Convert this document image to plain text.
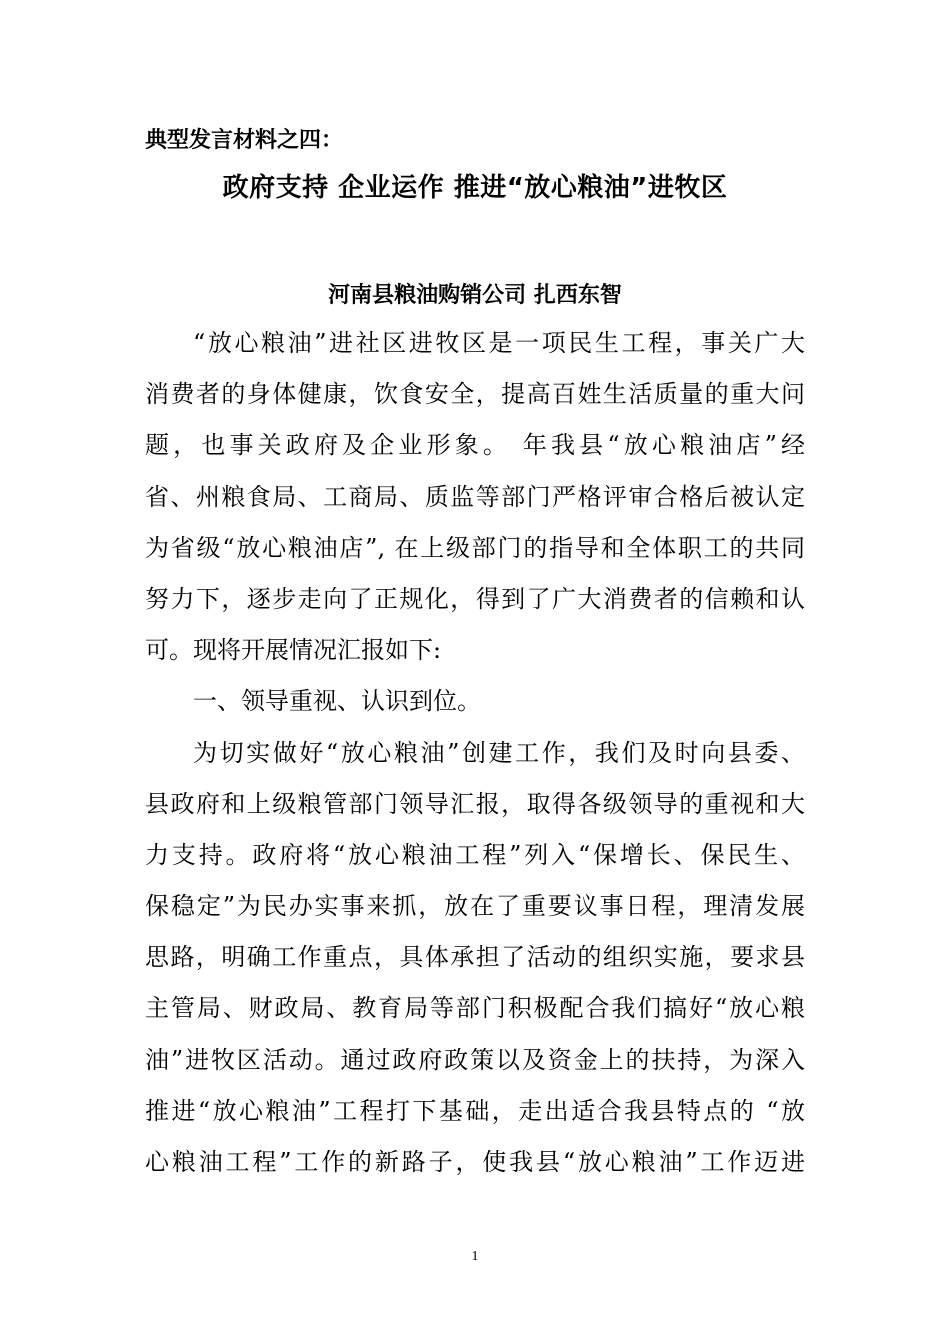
典型发言材料之四：
政府支持 企业运作 推进“放心粮油”进牧区
河南县粮油购销公司 扎西东智
“放心粮油”进社区进牧区是一项民生工程，事关广大
消费者的身体健康，饮食安全，提高百姓生活质量的重大问
题，也事关政府及企业形象。 年我县“放心粮油店”经
省、州粮食局、工商局、质监等部门严格评审合格后被认定
为省级“放心粮油店”, 在上级部门的指导和全体职工的共同
努力下，逐步走向了正规化，得到了广大消费者的信赖和认
可。现将开展情况汇报如下:
一、领导重视、认识到位。
为切实做好“放心粮油”创建工作，我们及时向县委、
县政府和上级粮管部门领导汇报，取得各级领导的重视和大
力支持。政府将“放心粮油工程”列入“保增长、保民生、
保稳定”为民办实事来抓，放在了重要议事日程，理清发展
思路，明确工作重点，具体承担了活动的组织实施，要求县
主管局、财政局、教育局等部门积极配合我们搞好“放心粮
油”进牧区活动。通过政府政策以及资金上的扶持，为深入
推进“放心粮油”工程打下基础，走出适合我县特点的 “放
心粮油工程”工作的新路子，使我县“放心粮油”工作迈进
1
